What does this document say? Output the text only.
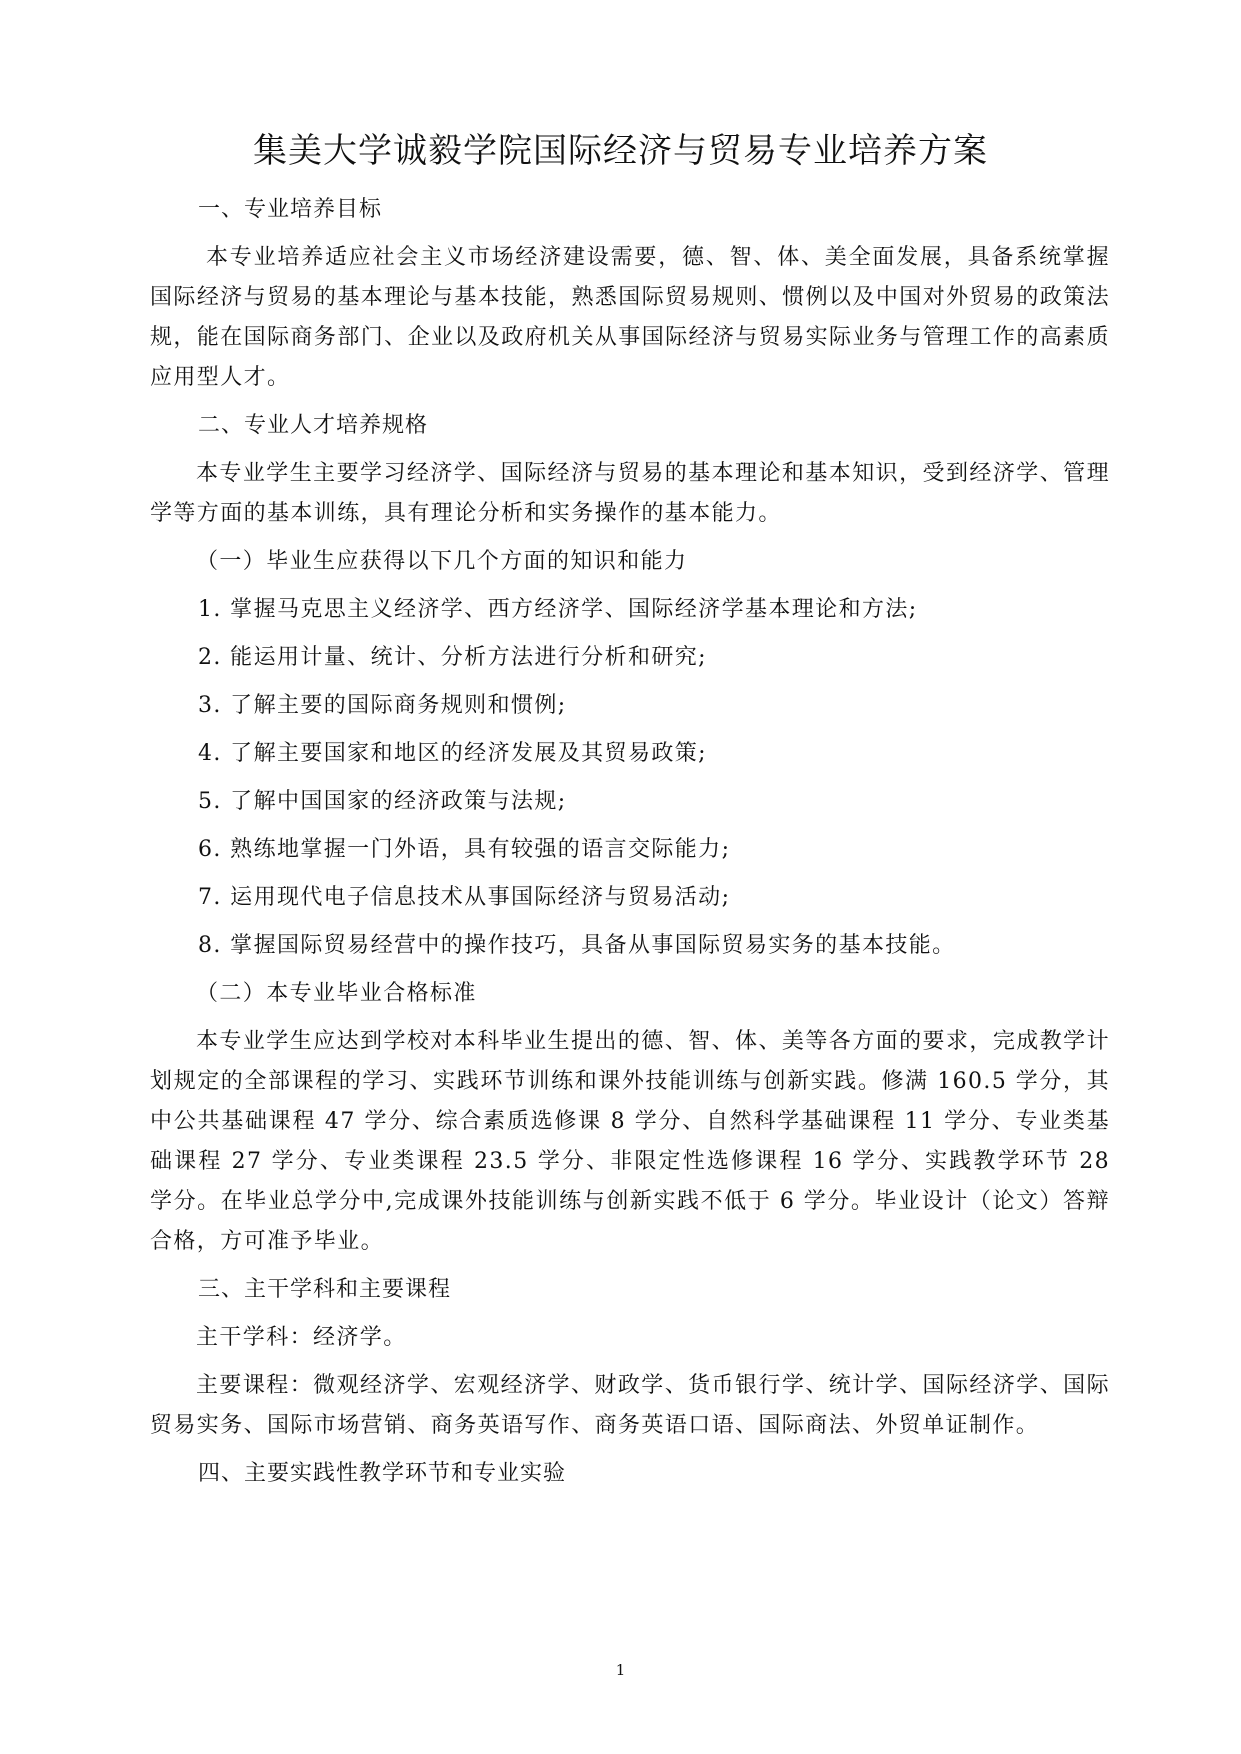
集美大学诚毅学院国际经济与贸易专业培养方案
一、专业培养目标

本专业培养适应社会主义市场经济建设需要，德、智、体、美全面发展，具备系统掌握国际经济与贸易的基本理论与基本技能，熟悉国际贸易规则、惯例以及中国对外贸易的政策法规，能在国际商务部门、企业以及政府机关从事国际经济与贸易实际业务与管理工作的高素质应用型人才。

二、专业人才培养规格

本专业学生主要学习经济学、国际经济与贸易的基本理论和基本知识，受到经济学、管理学等方面的基本训练，具有理论分析和实务操作的基本能力。

（一）毕业生应获得以下几个方面的知识和能力
1. 掌握马克思主义经济学、西方经济学、国际经济学基本理论和方法;
2. 能运用计量、统计、分析方法进行分析和研究;
3. 了解主要的国际商务规则和惯例;
4. 了解主要国家和地区的经济发展及其贸易政策;
5. 了解中国国家的经济政策与法规;
6. 熟练地掌握一门外语，具有较强的语言交际能力;
7. 运用现代电子信息技术从事国际经济与贸易活动;
8. 掌握国际贸易经营中的操作技巧，具备从事国际贸易实务的基本技能。
（二）本专业毕业合格标准

本专业学生应达到学校对本科毕业生提出的德、智、体、美等各方面的要求，完成教学计划规定的全部课程的学习、实践环节训练和课外技能训练与创新实践。修满 160.5 学分，其中公共基础课程 47 学分、综合素质选修课 8 学分、自然科学基础课程 11 学分、专业类基础课程 27 学分、专业类课程 23.5 学分、非限定性选修课程 16 学分、实践教学环节 28 学分。在毕业总学分中,完成课外技能训练与创新实践不低于 6 学分。毕业设计（论文）答辩合格，方可准予毕业。

三、主干学科和主要课程

主干学科：经济学。

主要课程：微观经济学、宏观经济学、财政学、货币银行学、统计学、国际经济学、国际贸易实务、国际市场营销、商务英语写作、商务英语口语、国际商法、外贸单证制作。

四、主要实践性教学环节和专业实验
1
